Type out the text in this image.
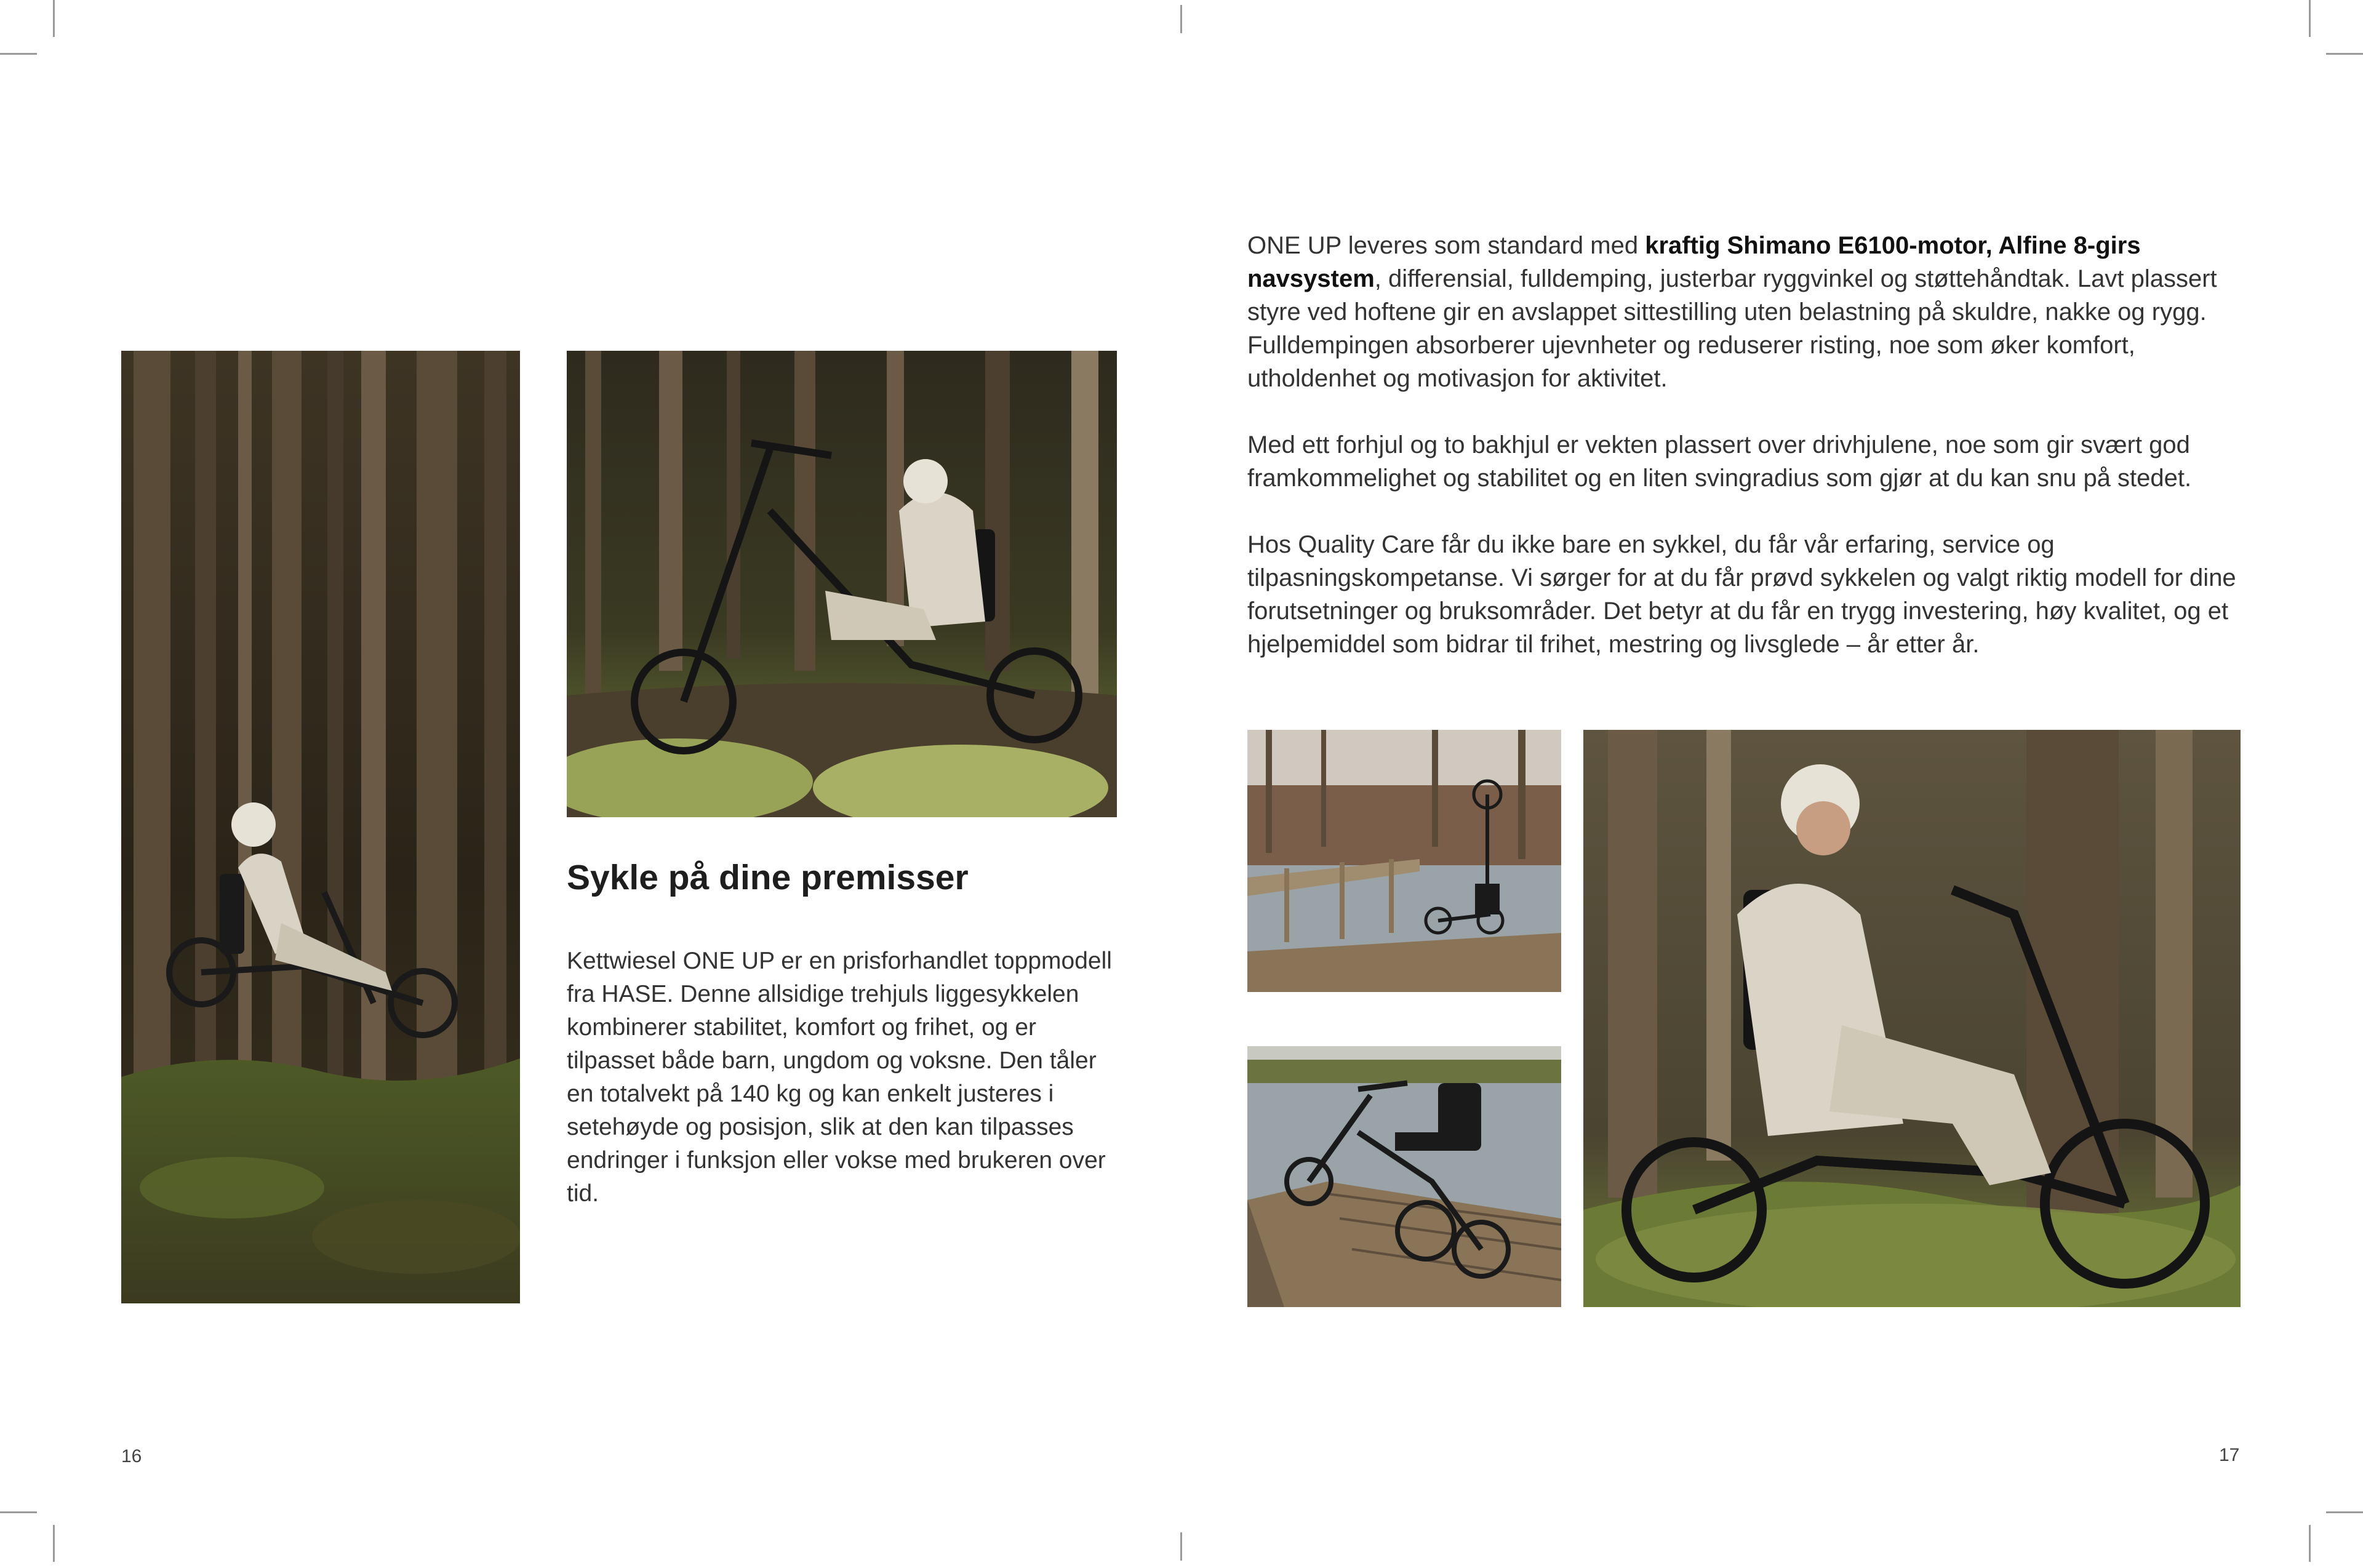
Sykle på dine premisser

Kettwiesel ONE UP er en prisforhandlet toppmodell fra HASE. Denne allsidige trehjuls liggesykkelen kombinerer stabilitet, komfort og frihet, og er tilpasset både barn, ungdom og voksne. Den tåler en totalvekt på 140 kg og kan enkelt justeres i setehøyde og posisjon, slik at den kan tilpasses endringer i funksjon eller vokse med brukeren over tid.

ONE UP leveres som standard med kraftig Shimano E6100-motor, Alfine 8-girs navsystem, differensial, fulldemping, justerbar ryggvinkel og støttehåndtak. Lavt plassert styre ved hoftene gir en avslappet sittestilling uten belastning på skuldre, nakke og rygg. Fulldempingen absorberer ujevnheter og reduserer risting, noe som øker komfort, utholdenhet og motivasjon for aktivitet.

Med ett forhjul og to bakhjul er vekten plassert over drivhjulene, noe som gir svært god framkommelighet og stabilitet og en liten svingradius som gjør at du kan snu på stedet.

Hos Quality Care får du ikke bare en sykkel, du får vår erfaring, service og tilpasningskompetanse. Vi sørger for at du får prøvd sykkelen og valgt riktig modell for dine forutsetninger og bruksområder. Det betyr at du får en trygg investering, høy kvalitet, og et hjelpemiddel som bidrar til frihet, mestring og livsglede – år etter år.

16	17
